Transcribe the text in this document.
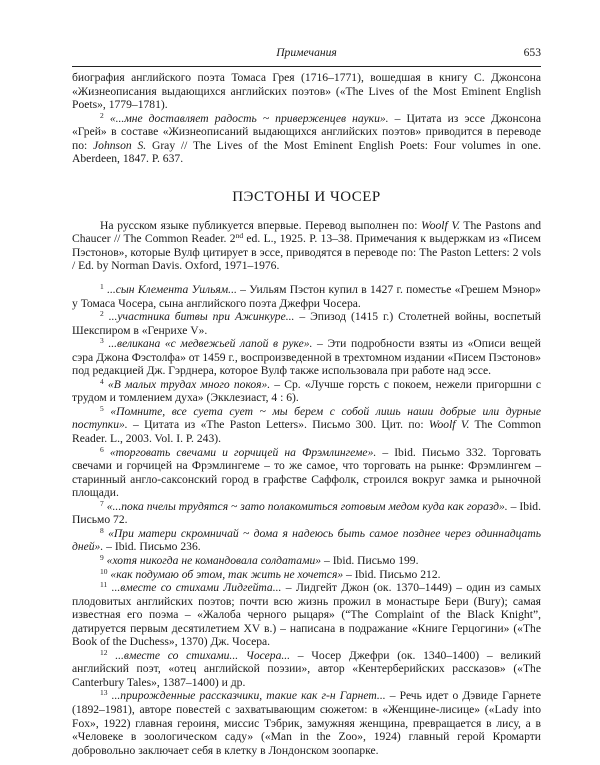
Примечания	653

биография английского поэта Томаса Грея (1716–1771), вошедшая в книгу С. Джонсона «Жизнеописания выдающихся английских поэтов» («The Lives of the Most Eminent English Poets», 1779–1781).

$^2$ «...мне доставляет радость ~ приверженцев науки». – Цитата из эссе Джонсона «Грей» в составе «Жизнеописаний выдающихся английских поэтов» приводится в переводе по: Johnson S. Gray // The Lives of the Most Eminent English Poets: Four volumes in one. Aberdeen, 1847. P. 637.

ПЭСТОНЫ И ЧОСЕР

На русском языке публикуется впервые. Перевод выполнен по: Woolf V. The Pastons and Chaucer // The Common Reader. 2nd ed. L., 1925. P. 13–38. Примечания к выдержкам из «Писем Пэстонов», которые Вулф цитирует в эссе, приводятся в переводе по: The Paston Letters: 2 vols / Ed. by Norman Davis. Oxford, 1971–1976.

$^1$ ...сын Клемента Уильям... – Уильям Пэстон купил в 1427 г. поместье «Грешем Мэнор» у Томаса Чосера, сына английского поэта Джефри Чосера.

$^2$ ...участника битвы при Ажинкуре... – Эпизод (1415 г.) Столетней войны, воспетый Шекспиром в «Генрихе V».

$^3$ ...великана «с медвежьей лапой в руке». – Эти подробности взяты из «Описи вещей сэра Джона Фэстолфа» от 1459 г., воспроизведенной в трехтомном издании «Писем Пэстонов» под редакцией Дж. Гэрднера, которое Вулф также использовала при работе над эссе.

$^4$ «В малых трудах много покоя». – Ср. «Лучше горсть с покоем, нежели пригоршни с трудом и томлением духа» (Экклезиаст, 4 : 6).

$^5$ «Помните, все суета сует ~ мы берем с собой лишь наши добрые или дурные поступки». – Цитата из «The Paston Letters». Письмо 300. Цит. по: Woolf V. The Common Reader. L., 2003. Vol. I. P. 243).

$^6$ «торговать свечами и горчицей на Фрэмлингеме». – Ibid. Письмо 332. Торговать свечами и горчицей на Фрэмлингеме – то же самое, что торговать на рынке: Фрэмлингем – старинный англо-саксонский город в графстве Саффолк, строился вокруг замка и рыночной площади.

$^7$ «...пока пчелы трудятся ~ зато полакомиться готовым медом куда как горазд». – Ibid. Письмо 72.

$^8$ «При матери скромничай ~ дома я надеюсь быть самое позднее через одиннадцать дней». – Ibid. Письмо 236.

$^9$ «хотя никогда не командовала солдатами» – Ibid. Письмо 199.

$^{10}$ «как подумаю об этом, так жить не хочется» – Ibid. Письмо 212.

$^{11}$ ...вместе со стихами Лидгейта... – Лидгейт Джон (ок. 1370–1449) – один из самых плодовитых английских поэтов; почти всю жизнь прожил в монастыре Бери (Bury); самая известная его поэма – «Жалоба черного рыцаря» (“The Complaint of the Black Knight”, датируется первым десятилетием XV в.) – написана в подражание «Книге Герцогини» («The Book of the Duchess», 1370) Дж. Чосера.

$^{12}$ ...вместе со стихами... Чосера... – Чосер Джефри (ок. 1340–1400) – великий английский поэт, «отец английской поэзии», автор «Кентерберийских рассказов» («The Canterbury Tales», 1387–1400) и др.

$^{13}$ ...прирожденные рассказчики, такие как г-н Гарнет... – Речь идет о Дэвиде Гарнете (1892–1981), авторе повестей с захватывающим сюжетом: в «Женщине-лисице» («Lady into Fox», 1922) главная героиня, миссис Тэбрик, замужняя женщина, превращается в лису, а в «Человеке в зоологическом саду» («Man in the Zoo», 1924) главный герой Кромарти добровольно заключает себя в клетку в Лондонском зоопарке.
